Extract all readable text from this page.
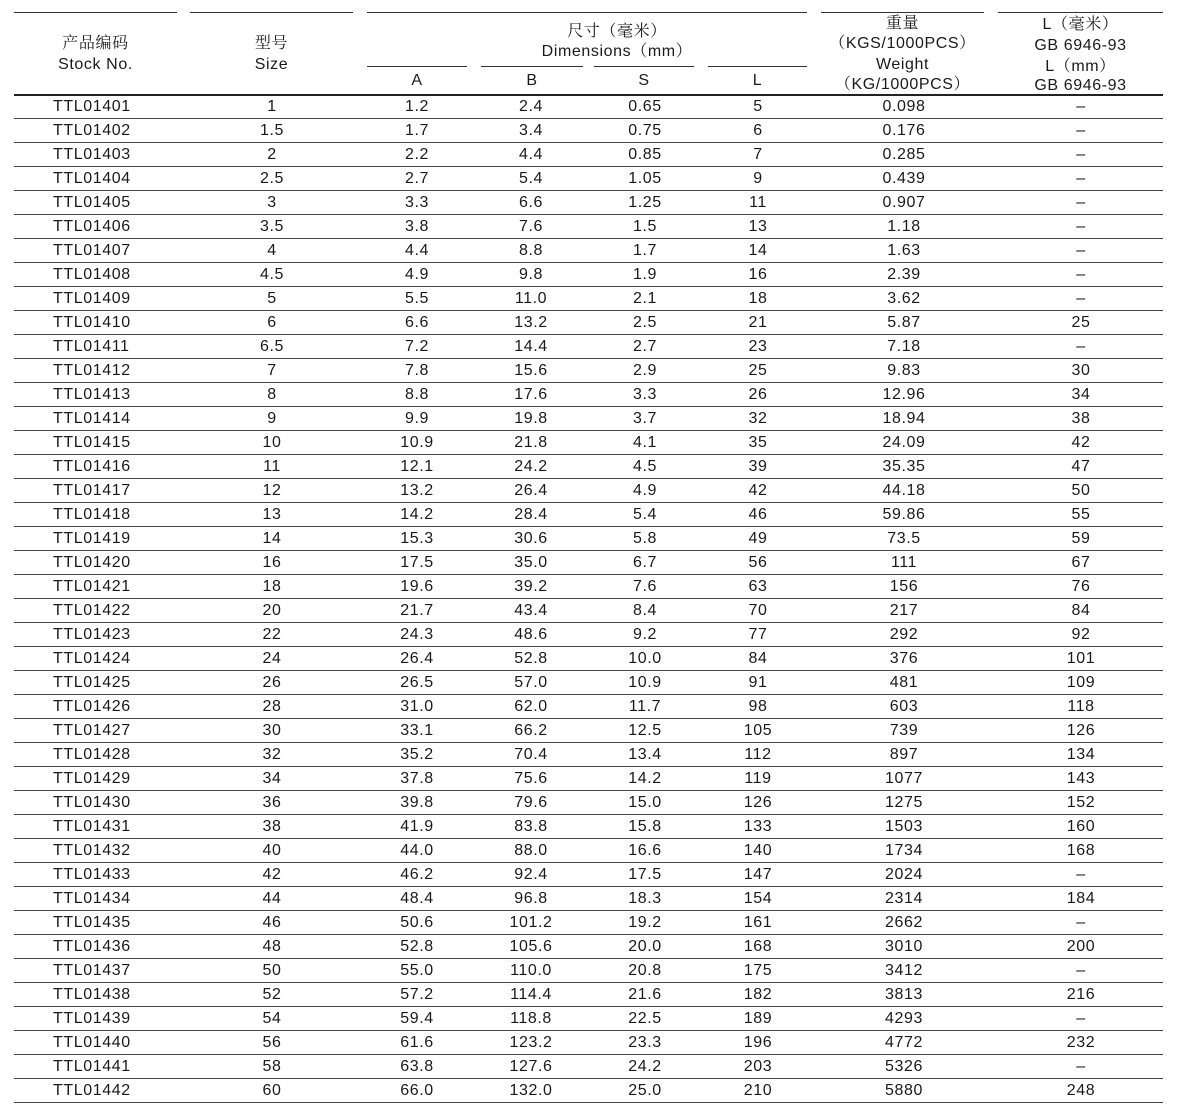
产品编码
Stock No.
型号
Size
尺寸（毫米）
Dimensions（mm）
A	B	S	L
重量
（KGS/1000PCS）
Weight
（KG/1000PCS）
L（毫米）
GB 6946-93
L（mm）
GB 6946-93
TTL01401	1	1.2	2.4	0.65	5	0.098	–
TTL01402	1.5	1.7	3.4	0.75	6	0.176	–
TTL01403	2	2.2	4.4	0.85	7	0.285	–
TTL01404	2.5	2.7	5.4	1.05	9	0.439	–
TTL01405	3	3.3	6.6	1.25	11	0.907	–
TTL01406	3.5	3.8	7.6	1.5	13	1.18	–
TTL01407	4	4.4	8.8	1.7	14	1.63	–
TTL01408	4.5	4.9	9.8	1.9	16	2.39	–
TTL01409	5	5.5	11.0	2.1	18	3.62	–
TTL01410	6	6.6	13.2	2.5	21	5.87	25
TTL01411	6.5	7.2	14.4	2.7	23	7.18	–
TTL01412	7	7.8	15.6	2.9	25	9.83	30
TTL01413	8	8.8	17.6	3.3	26	12.96	34
TTL01414	9	9.9	19.8	3.7	32	18.94	38
TTL01415	10	10.9	21.8	4.1	35	24.09	42
TTL01416	11	12.1	24.2	4.5	39	35.35	47
TTL01417	12	13.2	26.4	4.9	42	44.18	50
TTL01418	13	14.2	28.4	5.4	46	59.86	55
TTL01419	14	15.3	30.6	5.8	49	73.5	59
TTL01420	16	17.5	35.0	6.7	56	111	67
TTL01421	18	19.6	39.2	7.6	63	156	76
TTL01422	20	21.7	43.4	8.4	70	217	84
TTL01423	22	24.3	48.6	9.2	77	292	92
TTL01424	24	26.4	52.8	10.0	84	376	101
TTL01425	26	26.5	57.0	10.9	91	481	109
TTL01426	28	31.0	62.0	11.7	98	603	118
TTL01427	30	33.1	66.2	12.5	105	739	126
TTL01428	32	35.2	70.4	13.4	112	897	134
TTL01429	34	37.8	75.6	14.2	119	1077	143
TTL01430	36	39.8	79.6	15.0	126	1275	152
TTL01431	38	41.9	83.8	15.8	133	1503	160
TTL01432	40	44.0	88.0	16.6	140	1734	168
TTL01433	42	46.2	92.4	17.5	147	2024	–
TTL01434	44	48.4	96.8	18.3	154	2314	184
TTL01435	46	50.6	101.2	19.2	161	2662	–
TTL01436	48	52.8	105.6	20.0	168	3010	200
TTL01437	50	55.0	110.0	20.8	175	3412	–
TTL01438	52	57.2	114.4	21.6	182	3813	216
TTL01439	54	59.4	118.8	22.5	189	4293	–
TTL01440	56	61.6	123.2	23.3	196	4772	232
TTL01441	58	63.8	127.6	24.2	203	5326	–
TTL01442	60	66.0	132.0	25.0	210	5880	248
